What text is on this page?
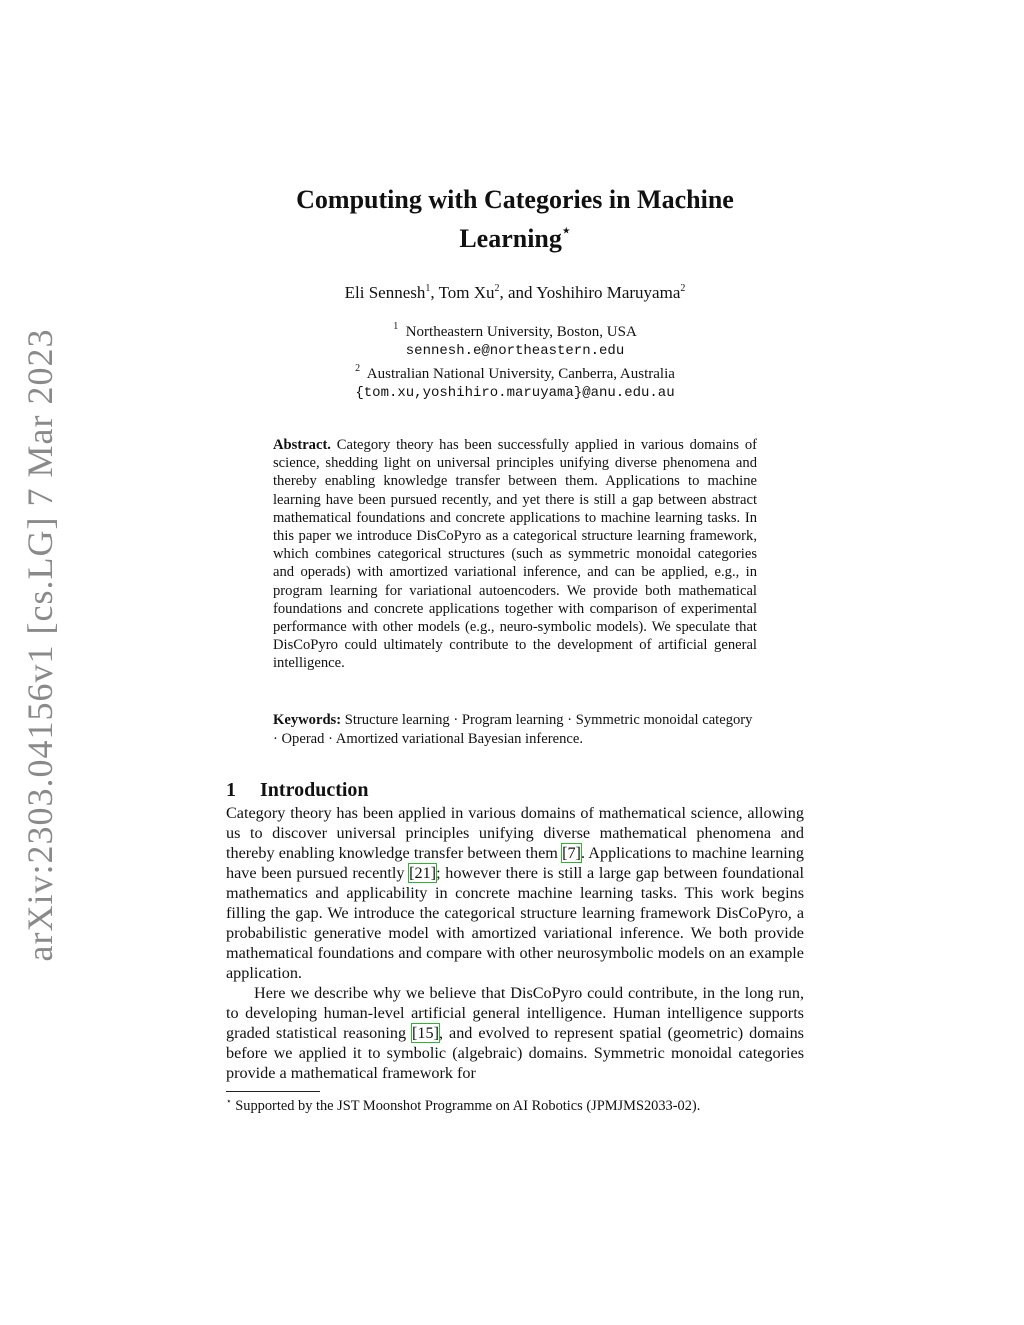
arXiv:2303.04156v1 [cs.LG] 7 Mar 2023
Computing with Categories in Machine
Learning⋆
Eli Sennesh$^1$, Tom Xu$^2$, and Yoshihiro Maruyama$^2$
$^1$ Northeastern University, Boston, USA
sennesh.e@northeastern.edu
$^2$ Australian National University, Canberra, Australia
{tom.xu,yoshihiro.maruyama}@anu.edu.au
Abstract. Category theory has been successfully applied in various domains of science, shedding light on universal principles unifying diverse phenomena and thereby enabling knowledge transfer between them. Applications to machine learning have been pursued recently, and yet there is still a gap between abstract mathematical foundations and concrete applications to machine learning tasks. In this paper we introduce DisCoPyro as a categorical structure learning framework, which combines categorical structures (such as symmetric monoidal categories and operads) with amortized variational inference, and can be applied, e.g., in program learning for variational autoencoders. We provide both mathematical foundations and concrete applications together with comparison of experimental performance with other models (e.g., neuro-symbolic models). We speculate that DisCoPyro could ultimately contribute to the development of artificial general intelligence.
Keywords: Structure learning · Program learning · Symmetric monoidal category · Operad · Amortized variational Bayesian inference.
1 Introduction

Category theory has been applied in various domains of mathematical science, allowing us to discover universal principles unifying diverse mathematical phenomena and thereby enabling knowledge transfer between them [7]. Applications to machine learning have been pursued recently [21]; however there is still a large gap between foundational mathematics and applicability in concrete machine learning tasks. This work begins filling the gap. We introduce the categorical structure learning framework DisCoPyro, a probabilistic generative model with amortized variational inference. We both provide mathematical foundations and compare with other neurosymbolic models on an example application.

Here we describe why we believe that DisCoPyro could contribute, in the long run, to developing human-level artificial general intelligence. Human intelligence supports graded statistical reasoning [15], and evolved to represent spatial (geometric) domains before we applied it to symbolic (algebraic) domains. Symmetric monoidal categories provide a mathematical framework for

⋆ Supported by the JST Moonshot Programme on AI Robotics (JPMJMS2033-02).
